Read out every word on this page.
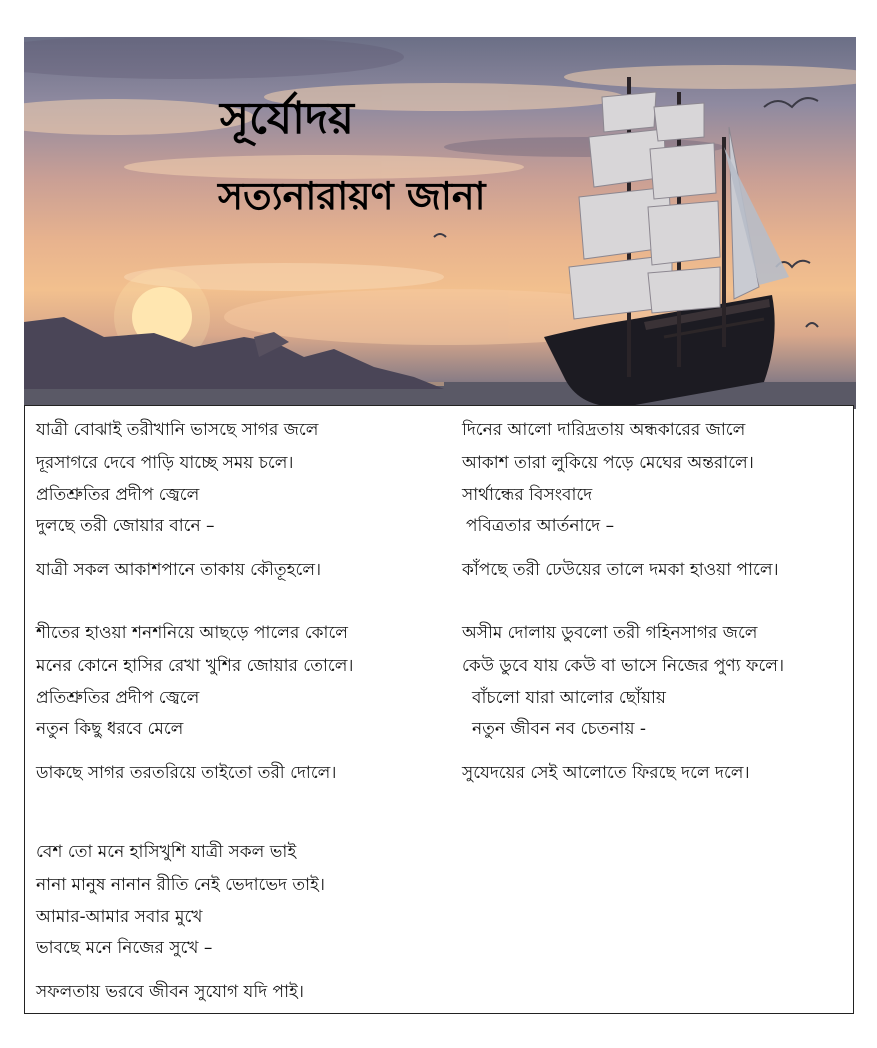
সূর্যোদয়
সত্যনারায়ণ জানা
যাত্রী বোঝাই তরীখানি ভাসছে সাগর জলে
দূরসাগরে দেবে পাড়ি যাচ্ছে সময় চলে।
প্রতিশ্রুতির প্রদীপ জ্বেলে
দুলছে তরী জোয়ার বানে –
যাত্রী সকল আকাশপানে তাকায় কৌতূহলে।
শীতের হাওয়া শনশনিয়ে আছড়ে পালের কোলে
মনের কোনে হাসির রেখা খুশির জোয়ার তোলে।
প্রতিশ্রুতির প্রদীপ জ্বেলে
নতুন কিছু ধরবে মেলে
ডাকছে সাগর তরতরিয়ে তাইতো তরী দোলে।
বেশ তো মনে হাসিখুশি যাত্রী সকল ভাই
নানা মানুষ নানান রীতি নেই ভেদাভেদ তাই।
আমার-আমার সবার মুখে
ভাবছে মনে নিজের সুখে –
সফলতায় ভরবে জীবন সুযোগ যদি পাই।
দিনের আলো দারিদ্রতায় অন্ধকারের জালে
আকাশ তারা লুকিয়ে পড়ে মেঘের অন্তরালে।
সার্থান্ধের বিসংবাদে
পবিত্রতার আর্তনাদে –
কাঁপছে তরী ঢেউয়ের তালে দমকা হাওয়া পালে।
অসীম দোলায় ডুবলো তরী গহিনসাগর জলে
কেউ ডুবে যায় কেউ বা ভাসে নিজের পুণ্য ফলে।
বাঁচলো যারা আলোর ছোঁয়ায়
নতুন জীবন নব চেতনায় -
সুযেদয়ের সেই আলোতে ফিরছে দলে দলে।
